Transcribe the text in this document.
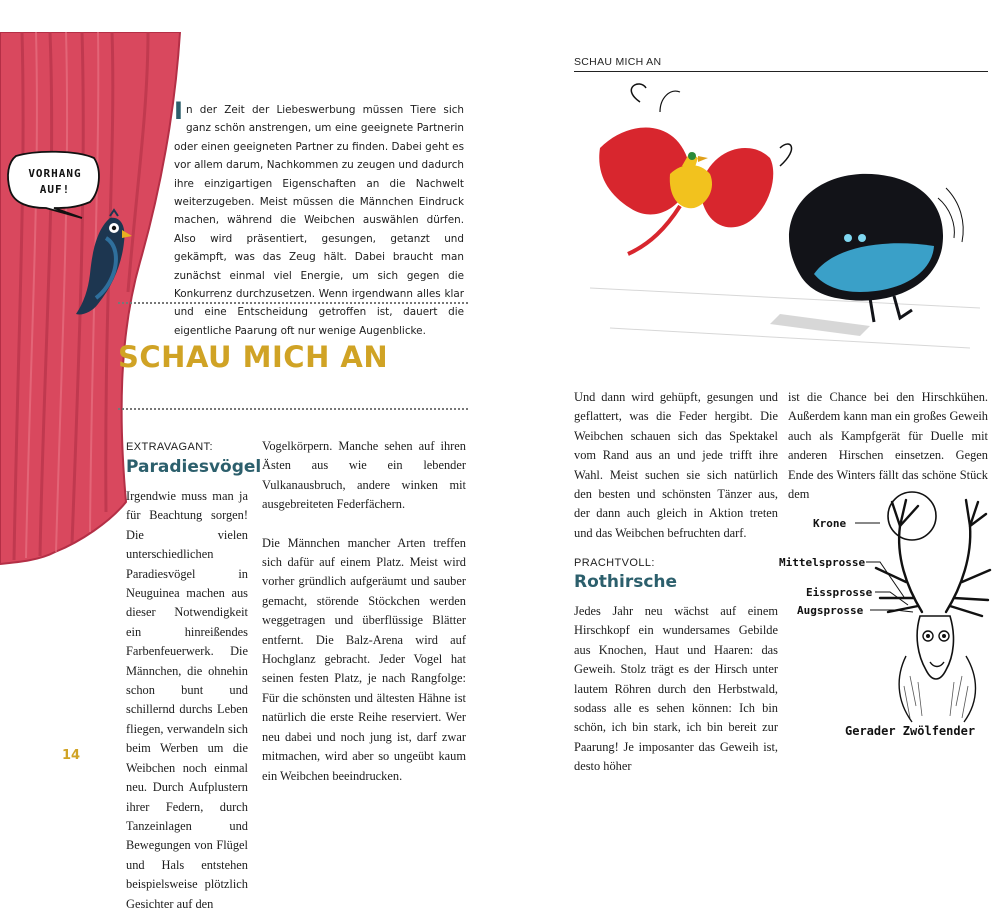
VORHANG
AUF!
In der Zeit der Liebeswerbung müssen Tiere sich ganz schön anstrengen, um eine geeignete Partnerin oder einen geeigneten Partner zu finden. Dabei geht es vor allem darum, Nachkommen zu zeugen und dadurch ihre einzigartigen Eigenschaften an die Nachwelt weiterzugeben. Meist müssen die Männchen Eindruck machen, während die Weibchen auswählen dürfen. Also wird präsentiert, gesungen, getanzt und gekämpft, was das Zeug hält. Dabei braucht man zunächst einmal viel Energie, um sich gegen die Konkurrenz durchzusetzen. Wenn irgendwann alles klar und eine Entscheidung getroffen ist, dauert die eigentliche Paarung oft nur wenige Augenblicke.
SCHAU MICH AN
EXTRAVAGANT:
Paradiesvögel

Irgendwie muss man ja für Beachtung sorgen! Die vielen unterschiedlichen Paradiesvögel in Neuguinea machen aus dieser Notwendigkeit ein hinreißendes Farbenfeuerwerk. Die Männchen, die ohnehin schon bunt und schillernd durchs Leben fliegen, verwandeln sich beim Werben um die Weibchen noch einmal neu. Durch Aufplustern ihrer Federn, durch Tanzeinlagen und Bewegungen von Flügel und Hals entstehen beispielsweise plötzlich Gesichter auf den

Vogelkörpern. Manche sehen auf ihren Ästen aus wie ein lebender Vulkanausbruch, andere winken mit ausgebreiteten Federfächern.

Die Männchen mancher Arten treffen sich dafür auf einem Platz. Meist wird vorher gründlich aufgeräumt und sauber gemacht, störende Stöckchen werden weggetragen und überflüssige Blätter entfernt. Die Balz-Arena wird auf Hochglanz gebracht. Jeder Vogel hat seinen festen Platz, je nach Rangfolge: Für die schönsten und ältesten Hähne ist natürlich die erste Reihe reserviert. Wer neu dabei und noch jung ist, darf zwar mitmachen, wird aber so ungeübt kaum ein Weibchen beeindrucken.

14
SCHAU MICH AN

Und dann wird gehüpft, gesungen und geflattert, was die Feder hergibt. Die Weibchen schauen sich das Spektakel vom Rand aus an und jede trifft ihre Wahl. Meist suchen sie sich natürlich den besten und schönsten Tänzer aus, der dann auch gleich in Aktion treten und das Weibchen befruchten darf.

PRACHTVOLL:
Rothirsche

Jedes Jahr neu wächst auf einem Hirschkopf ein wundersames Gebilde aus Knochen, Haut und Haaren: das Geweih. Stolz trägt es der Hirsch unter lautem Röhren durch den Herbstwald, sodass alle es sehen können: Ich bin schön, ich bin stark, ich bin bereit zur Paarung! Je imposanter das Geweih ist, desto höher

ist die Chance bei den Hirschkühen. Außerdem kann man ein großes Geweih auch als Kampfgerät für Duelle mit anderen Hirschen einsetzen. Gegen Ende des Winters fällt das schöne Stück dem

Krone
Mittelsprosse
Eissprosse
Augsprosse
Gerader Zwölfender
